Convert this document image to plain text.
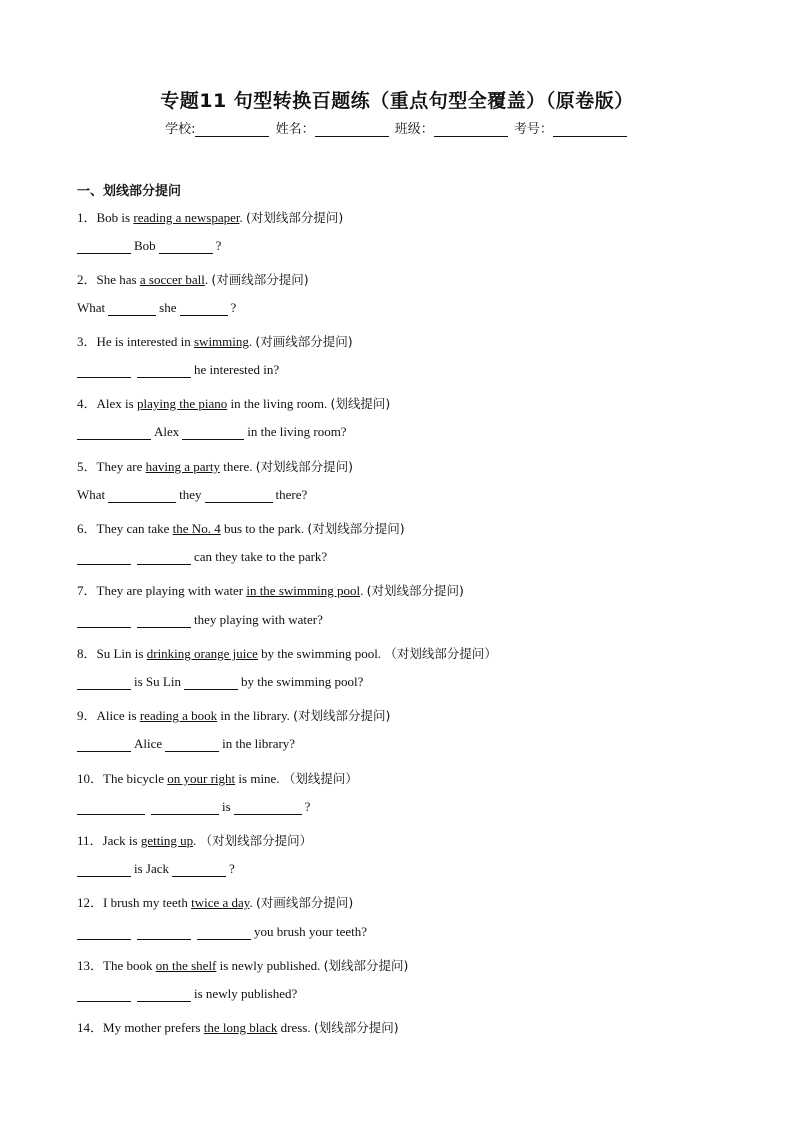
专题11 句型转换百题练（重点句型全覆盖）（原卷版）
学校:	姓名：	班级：	考号：
一、划线部分提问
1．Bob is reading a newspaper. (对划线部分提问)
Bob	?
2．She has a soccer ball. (对画线部分提问)
What	she	?
3．He is interested in swimming. (对画线部分提问)
he interested in?
4．Alex is playing the piano in the living room. (划线提问)
Alex	in the living room?
5．They are having a party there. (对划线部分提问)
What	they	there?
6．They can take the No. 4 bus to the park. (对划线部分提问)
can they take to the park?
7．They are playing with water in the swimming pool. (对划线部分提问)
they playing with water?
8．Su Lin is drinking orange juice by the swimming pool. （对划线部分提问）
is Su Lin	by the swimming pool?
9．Alice is reading a book in the library. (对划线部分提问)
Alice	in the library?
10．The bicycle on your right is mine. （划线提问）
is	?
11．Jack is getting up. （对划线部分提问）
is Jack	?
12．I brush my teeth twice a day. (对画线部分提问)
you brush your teeth?
13．The book on the shelf is newly published. (划线部分提问)
is newly published?
14．My mother prefers the long black dress. (划线部分提问)
